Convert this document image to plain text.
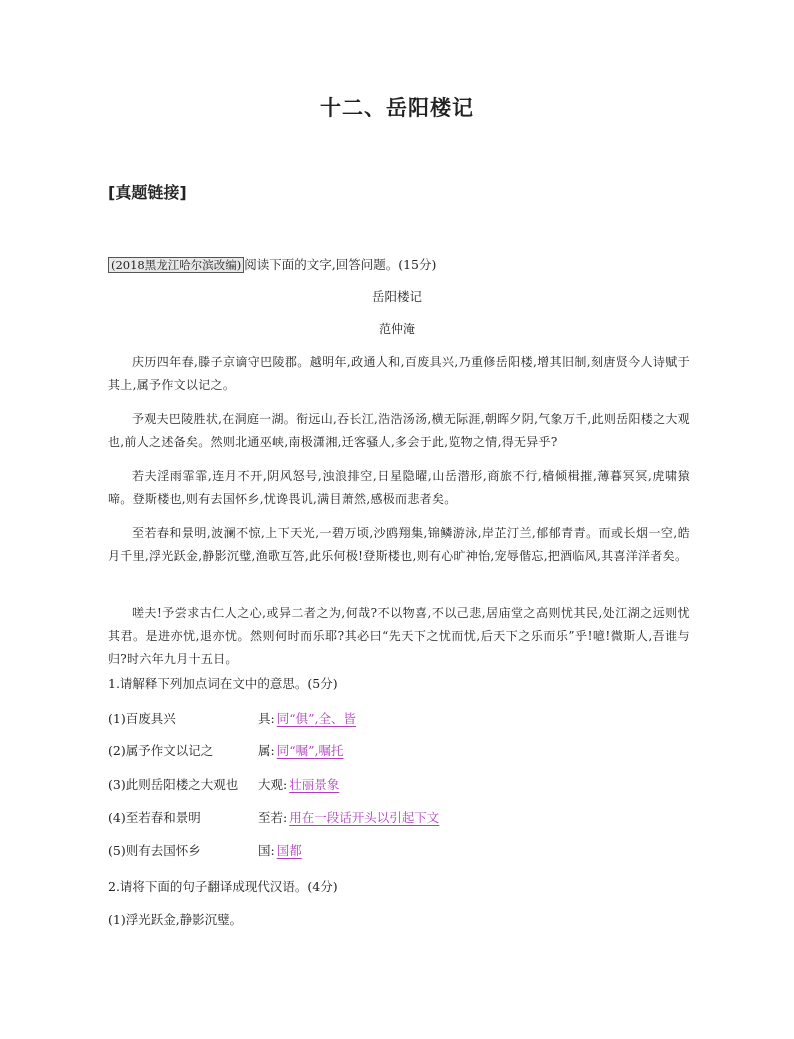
十二、岳阳楼记
[真题链接]
(2018黑龙江哈尔滨改编) 阅读下面的文字,回答问题。(15分)
岳阳楼记
范仲淹

庆历四年春,滕子京谪守巴陵郡。越明年,政通人和,百废具兴,乃重修岳阳楼,增其旧制,刻唐贤今人诗赋于其上,属予作文以记之。

予观夫巴陵胜状,在洞庭一湖。衔远山,吞长江,浩浩汤汤,横无际涯,朝晖夕阴,气象万千,此则岳阳楼之大观也,前人之述备矣。然则北通巫峡,南极潇湘,迁客骚人,多会于此,览物之情,得无异乎?

若夫淫雨霏霏,连月不开,阴风怒号,浊浪排空,日星隐曜,山岳潜形,商旅不行,樯倾楫摧,薄暮冥冥,虎啸猿啼。登斯楼也,则有去国怀乡,忧谗畏讥,满目萧然,感极而悲者矣。

至若春和景明,波澜不惊,上下天光,一碧万顷,沙鸥翔集,锦鳞游泳,岸芷汀兰,郁郁青青。而或长烟一空,皓月千里,浮光跃金,静影沉璧,渔歌互答,此乐何极!登斯楼也,则有心旷神怡,宠辱偕忘,把酒临风,其喜洋洋者矣。

嗟夫!予尝求古仁人之心,或异二者之为,何哉?不以物喜,不以己悲,居庙堂之高则忧其民,处江湖之远则忧其君。是进亦忧,退亦忧。然则何时而乐耶?其必曰“先天下之忧而忧,后天下之乐而乐”乎!噫!微斯人,吾谁与归?时六年九月十五日。

1.请解释下列加点词在文中的意思。(5分)
(1)百废具兴	具: 同“俱”,全、皆
(2)属予作文以记之	属: 同“嘱”,嘱托
(3)此则岳阳楼之大观也 大观: 壮丽景象
(4)至若春和景明	至若: 用在一段话开头以引起下文
(5)则有去国怀乡	国: 国都
2.请将下面的句子翻译成现代汉语。(4分)
(1)浮光跃金,静影沉璧。
